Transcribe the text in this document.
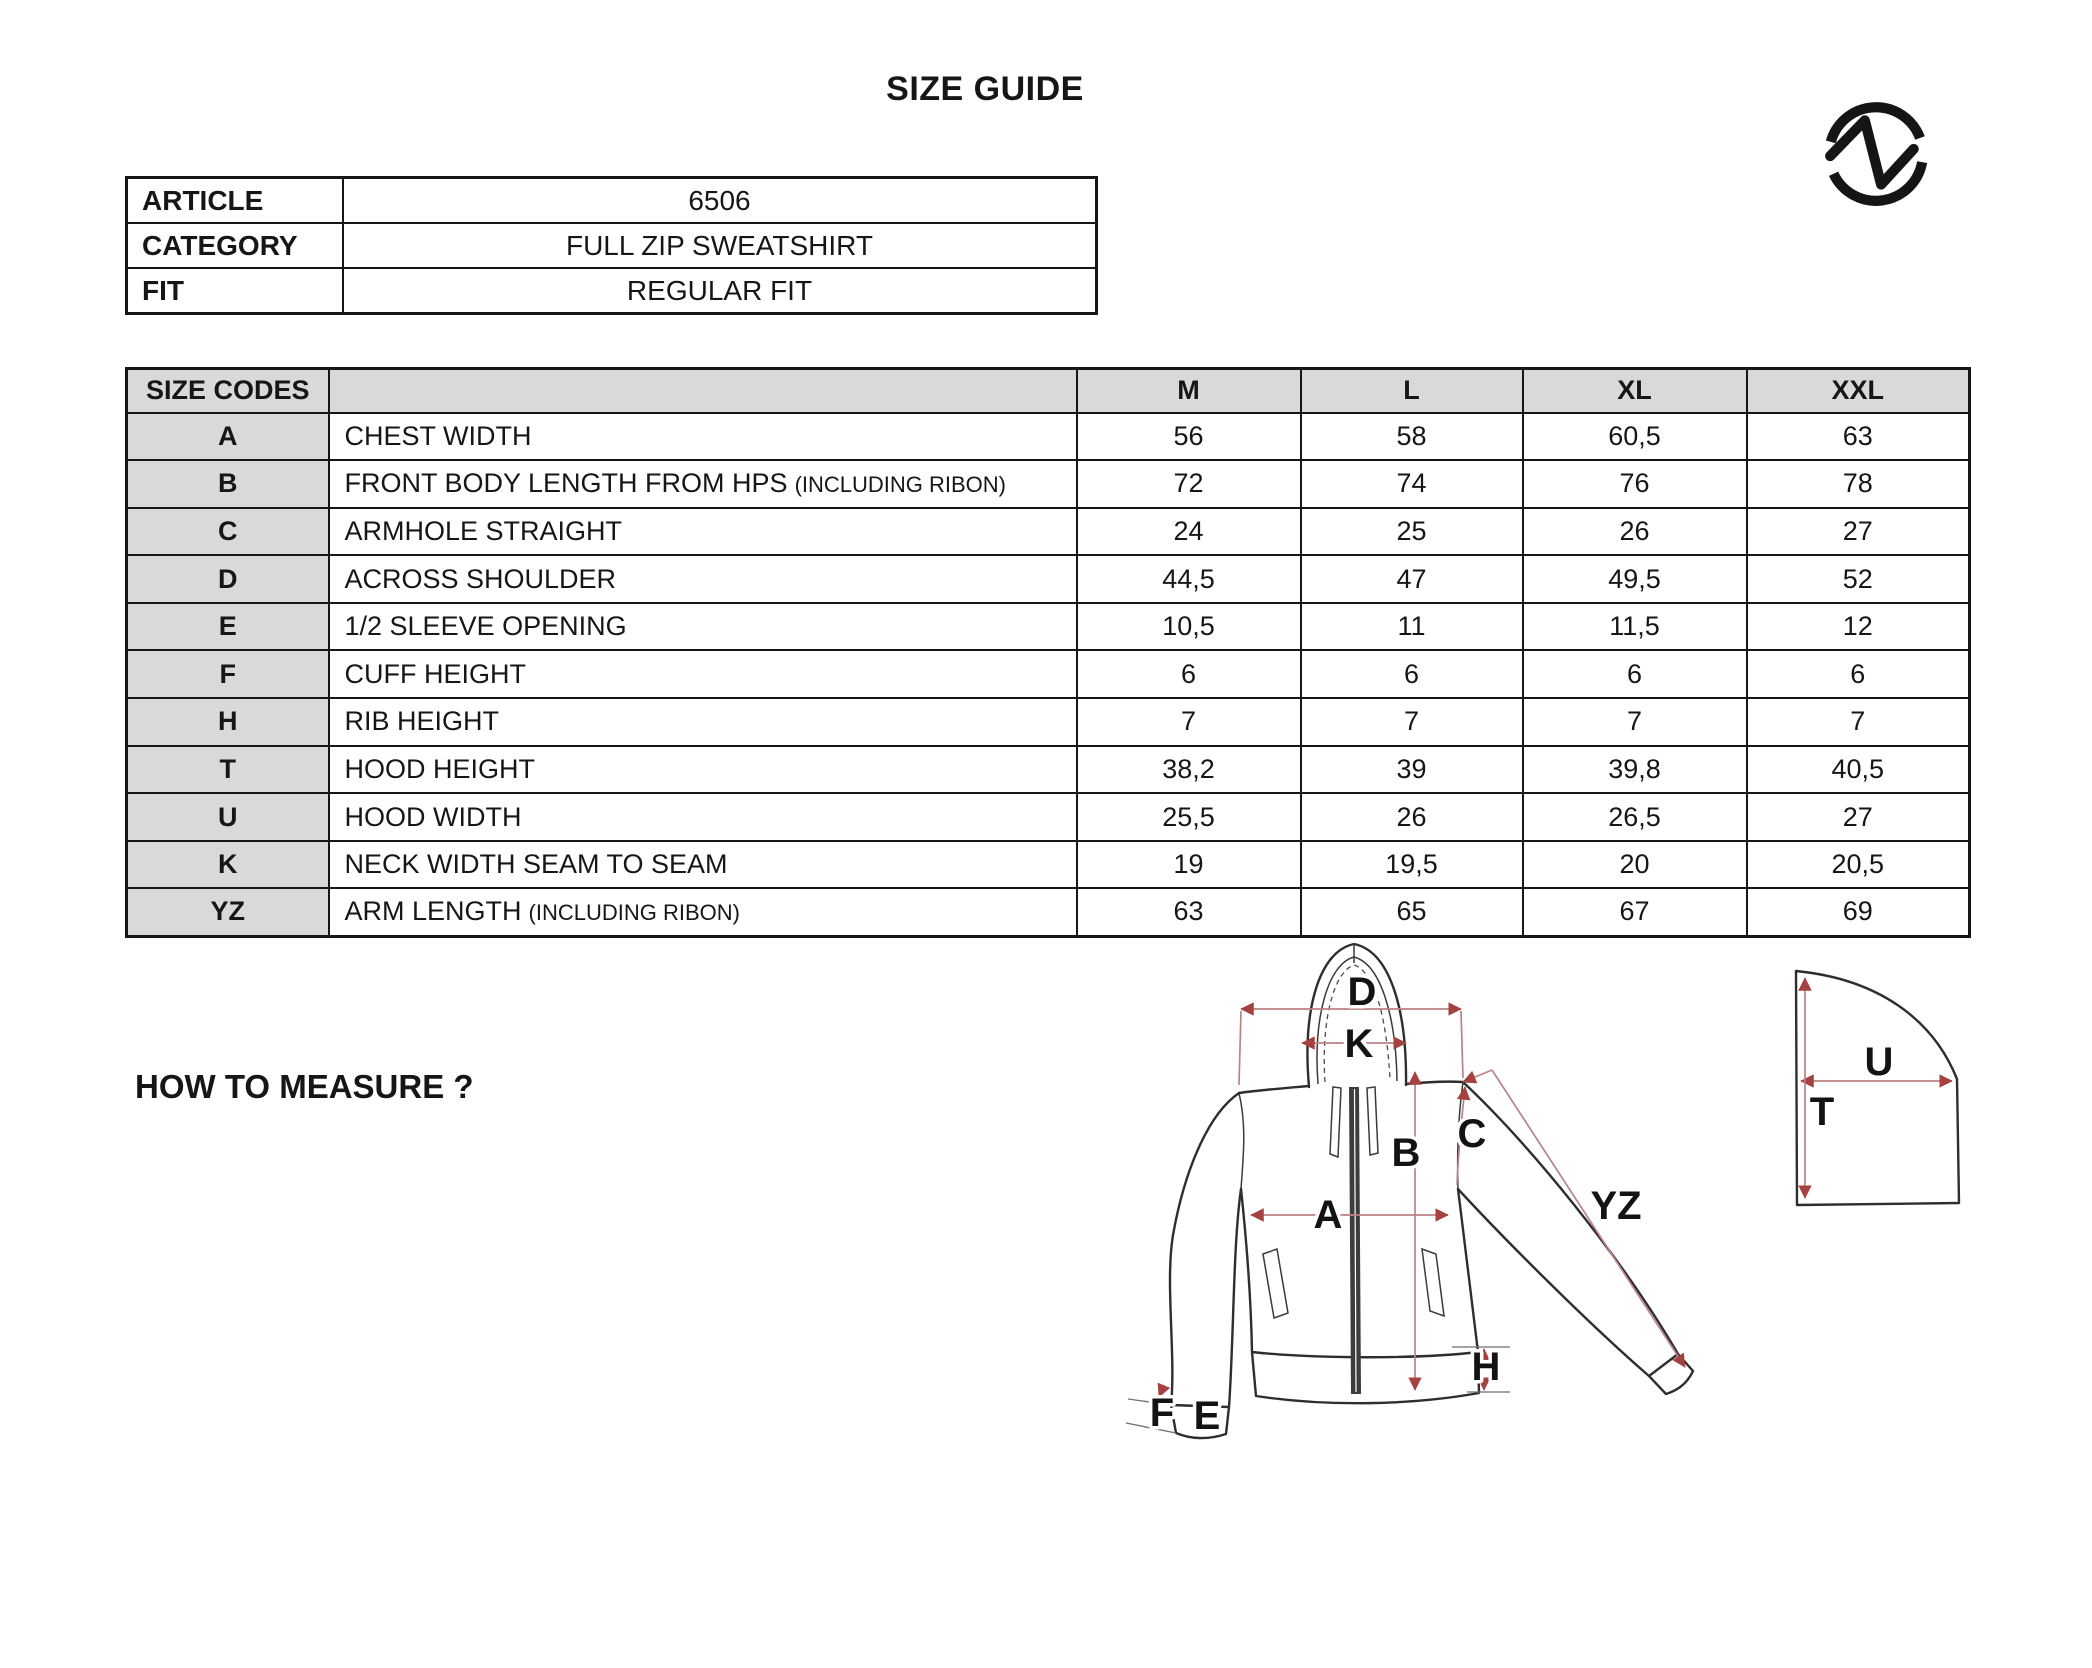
SIZE GUIDE
ARTICLE	6506
CATEGORY	FULL ZIP SWEATSHIRT
FIT	REGULAR FIT
SIZE CODES		M	L	XL	XXL
A	CHEST WIDTH	56	58	60,5	63
B	FRONT BODY LENGTH FROM HPS (INCLUDING RIBON)	72	74	76	78
C	ARMHOLE STRAIGHT	24	25	26	27
D	ACROSS SHOULDER	44,5	47	49,5	52
E	1/2 SLEEVE OPENING	10,5	11	11,5	12
F	CUFF HEIGHT	6	6	6	6
H	RIB HEIGHT	7	7	7	7
T	HOOD HEIGHT	38,2	39	39,8	40,5
U	HOOD WIDTH	25,5	26	26,5	27
K	NECK WIDTH SEAM TO SEAM	19	19,5	20	20,5
YZ	ARM LENGTH (INCLUDING RIBON)	63	65	67	69
HOW TO MEASURE ?
D
K
B C
A	YZ
H
F E
U
T
